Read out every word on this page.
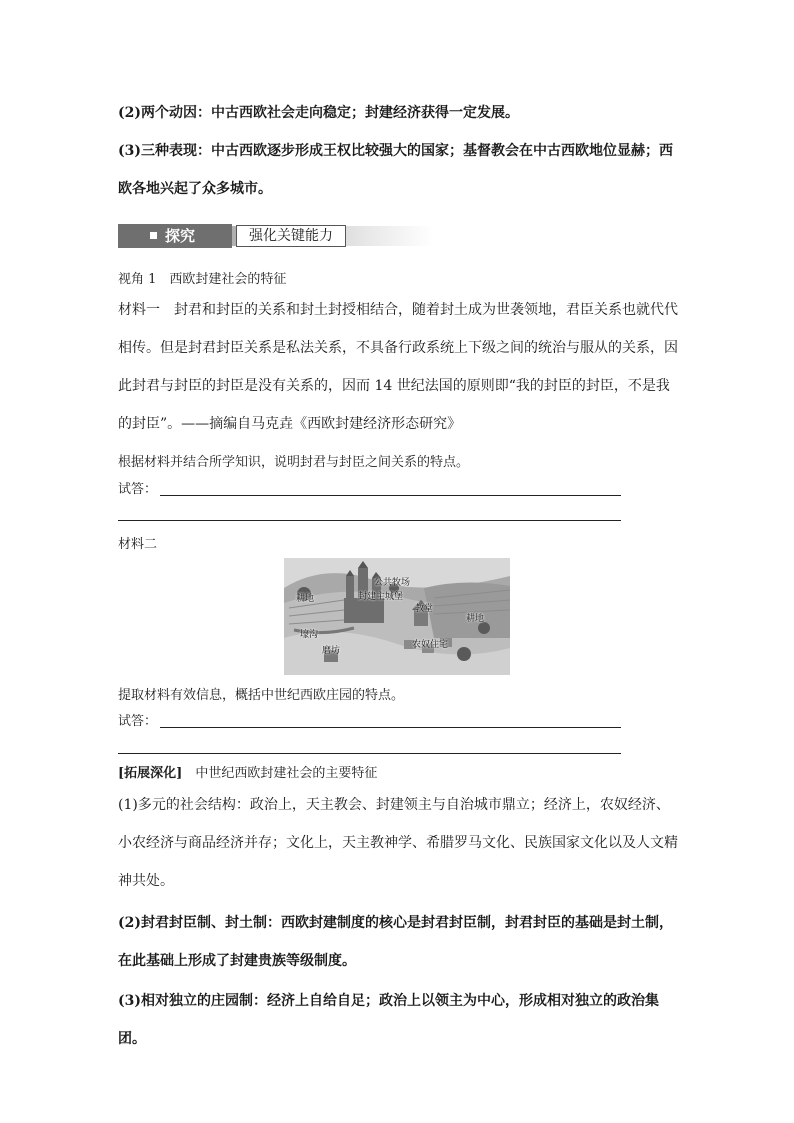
(2)两个动因：中古西欧社会走向稳定；封建经济获得一定发展。

(3)三种表现：中古西欧逐步形成王权比较强大的国家；基督教会在中古西欧地位显赫；西欧各地兴起了众多城市。

探究	强化关键能力

视角 1　西欧封建社会的特征

材料一　 封君和封臣的关系和封土封授相结合，随着封土成为世袭领地，君臣关系也就代代相传。但是封君封臣关系是私法关系，不具备行政系统上下级之间的统治与服从的关系，因此封君与封臣的封臣是没有关系的，因而 14 世纪法国的原则即“我的封臣的封臣，不是我的封臣”。——摘编自马克垚《西欧封建经济形态研究》

根据材料并结合所学知识，说明封君与封臣之间关系的特点。

试答：

材料二

公共牧场
封建主城堡
耕地
教堂
耕地
壕沟
农奴住宅
磨坊

提取材料有效信息，概括中世纪西欧庄园的特点。

试答：

[拓展深化]　 中世纪西欧封建社会的主要特征

(1)多元的社会结构：政治上，天主教会、封建领主与自治城市鼎立；经济上，农奴经济、小农经济与商品经济并存；文化上，天主教神学、希腊罗马文化、民族国家文化以及人文精神共处。

(2)封君封臣制、封土制：西欧封建制度的核心是封君封臣制，封君封臣的基础是封土制，在此基础上形成了封建贵族等级制度。

(3)相对独立的庄园制：经济上自给自足；政治上以领主为中心，形成相对独立的政治集团。
